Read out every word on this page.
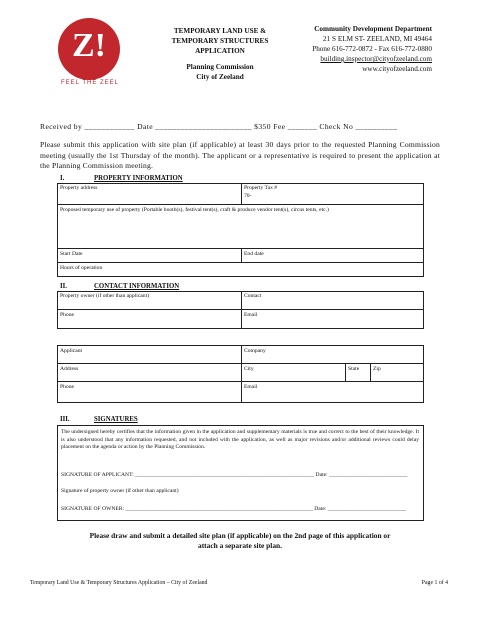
Z!
FEEL THE ZEEL
TEMPORARY LAND USE &
TEMPORARY STRUCTURES
APPLICATION
Planning Commission
City of Zeeland
Community Development Department
21 S ELM ST- ZEELAND, MI 49464
Phone 616-772-0872 - Fax 616-772-0880
building.inspector@cityofzeeland.com
www.cityofzeeland.com
Received by ____________ Date _______________________ $350 Fee _______ Check No __________
Please submit this application with site plan (if applicable) at least 30 days prior to the requested Planning Commission meeting (usually the 1st Thursday of the month). The applicant or a representative is required to present the application at the Planning Commission meeting.
I.	PROPERTY INFORMATION
Property address	Property Tax #
70-
Proposed temporary use of property (Portable booth(s), festival tent(s), craft & produce vendor tent(s), circus tents, etc.)
Start Date	End date
Hours of operation
II.	CONTACT INFORMATION
Property owner (if other than applicant)	Contact
Phone	Email
Applicant	Company
Address	City	State Zip
Phone	Email
III.	SIGNATURES
The undersigned hereby certifies that the information given in the application and supplementary materials is true and correct to the best of their knowledge. It is also understood that any information requested, and not included with the application, as well as major revisions and/or additional reviews could delay placement on the agenda or action by the Planning Commission.
SIGNATURE OF APPLICANT: ________________________________________________________________ Date: ____________________________
Signature of property owner (if other than applicant)
SIGNATURE OF OWNER: ___________________________________________________________________ Date: ____________________________
Please draw and submit a detailed site plan (if applicable) on the 2nd page of this application or
attach a separate site plan.
Temporary Land Use & Temporary Structures Application – City of Zeeland	Page 1 of 4
